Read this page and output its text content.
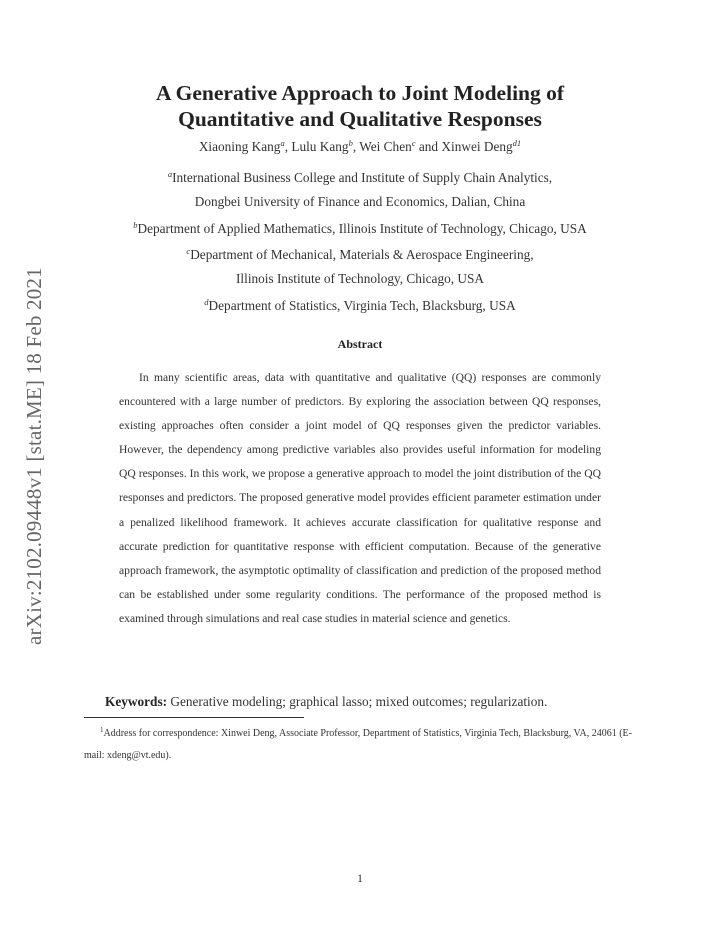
arXiv:2102.09448v1 [stat.ME] 18 Feb 2021
A Generative Approach to Joint Modeling of
Quantitative and Qualitative Responses
Xiaoning Kang$^a$, Lulu Kang$^b$, Wei Chen$^c$ and Xinwei Deng$^{d1}$
$^a$International Business College and Institute of Supply Chain Analytics,
Dongbei University of Finance and Economics, Dalian, China
$^b$Department of Applied Mathematics, Illinois Institute of Technology, Chicago, USA
$^c$Department of Mechanical, Materials & Aerospace Engineering,
Illinois Institute of Technology, Chicago, USA
$^d$Department of Statistics, Virginia Tech, Blacksburg, USA
Abstract
In many scientific areas, data with quantitative and qualitative (QQ) responses are commonly encountered with a large number of predictors. By exploring the association between QQ responses, existing approaches often consider a joint model of QQ responses given the predictor variables. However, the dependency among predictive variables also provides useful information for modeling QQ responses. In this work, we propose a generative approach to model the joint distribution of the QQ responses and predictors. The proposed generative model provides efficient parameter estimation under a penalized likelihood framework. It achieves accurate classification for qualitative response and accurate prediction for quantitative response with efficient computation. Because of the generative approach framework, the asymptotic optimality of classification and prediction of the proposed method can be established under some regularity conditions. The performance of the proposed method is examined through simulations and real case studies in material science and genetics.
Keywords: Generative modeling; graphical lasso; mixed outcomes; regularization.
$^1$Address for correspondence: Xinwei Deng, Associate Professor, Department of Statistics, Virginia Tech, Blacksburg, VA, 24061 (E-mail: xdeng@vt.edu).
1
